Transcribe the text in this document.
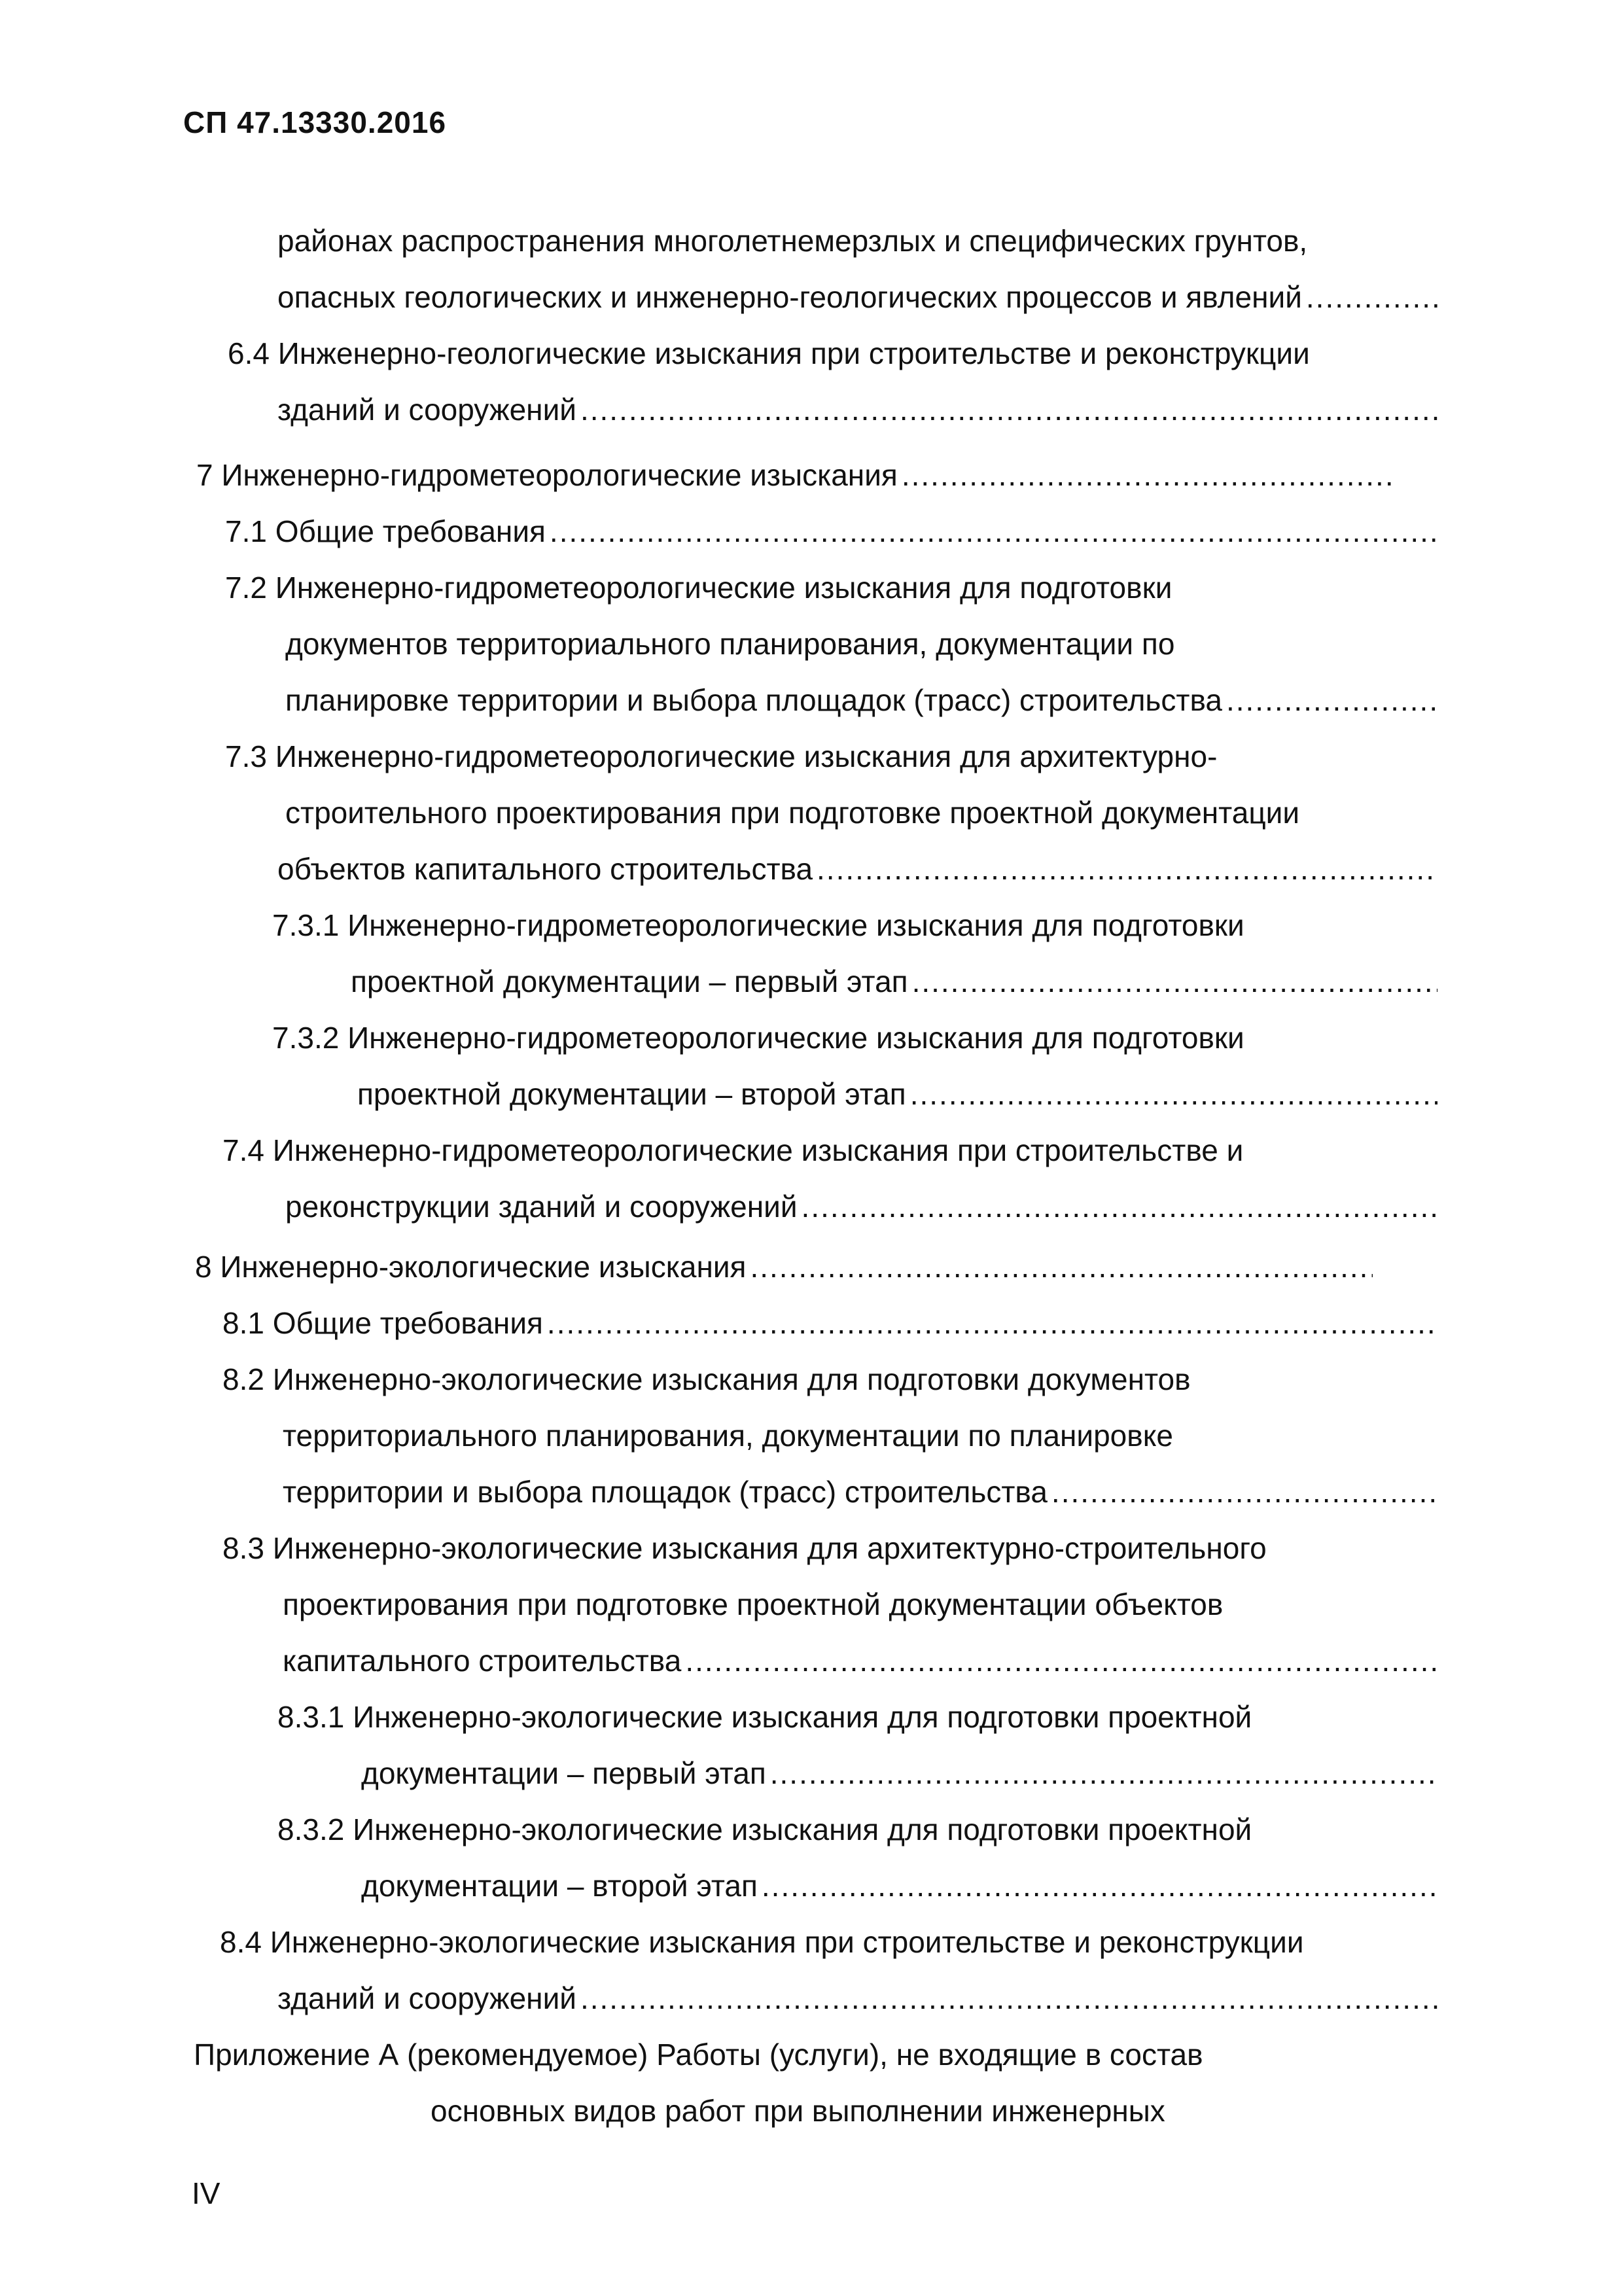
СП 47.13330.2016
районах распространения многолетнемерзлых и специфических грунтов,
опасных геологических и инженерно-геологических процессов и явлений
.....
6.4 Инженерно-геологические изыскания при строительстве и реконструкции
зданий и сооружений
.....
7 Инженерно-гидрометеорологические изыскания
.....
7.1 Общие требования
.....
7.2 Инженерно-гидрометеорологические изыскания для подготовки
документов территориального планирования, документации по
планировке территории и выбора площадок (трасс) строительства
.....
7.3 Инженерно-гидрометеорологические изыскания для архитектурно-
строительного проектирования при подготовке проектной документации
объектов капитального строительства
.....
7.3.1 Инженерно-гидрометеорологические изыскания для подготовки
проектной документации – первый этап
.....
7.3.2 Инженерно-гидрометеорологические изыскания для подготовки
проектной документации – второй этап
.....
7.4 Инженерно-гидрометеорологические изыскания при строительстве и
реконструкции зданий и сооружений
.....
8 Инженерно-экологические изыскания
.....
8.1 Общие требования
.....
8.2 Инженерно-экологические изыскания для подготовки документов
территориального планирования, документации по планировке
территории и выбора площадок (трасс) строительства
.....
8.3 Инженерно-экологические изыскания для архитектурно-строительного
проектирования при подготовке проектной документации объектов
капитального строительства
.....
8.3.1 Инженерно-экологические изыскания для подготовки проектной
документации – первый этап
.....
8.3.2 Инженерно-экологические изыскания для подготовки проектной
документации – второй этап
.....
8.4 Инженерно-экологические изыскания при строительстве и реконструкции
зданий и сооружений
.....
Приложение А (рекомендуемое) Работы (услуги), не входящие в состав
основных видов работ при выполнении инженерных
IV
